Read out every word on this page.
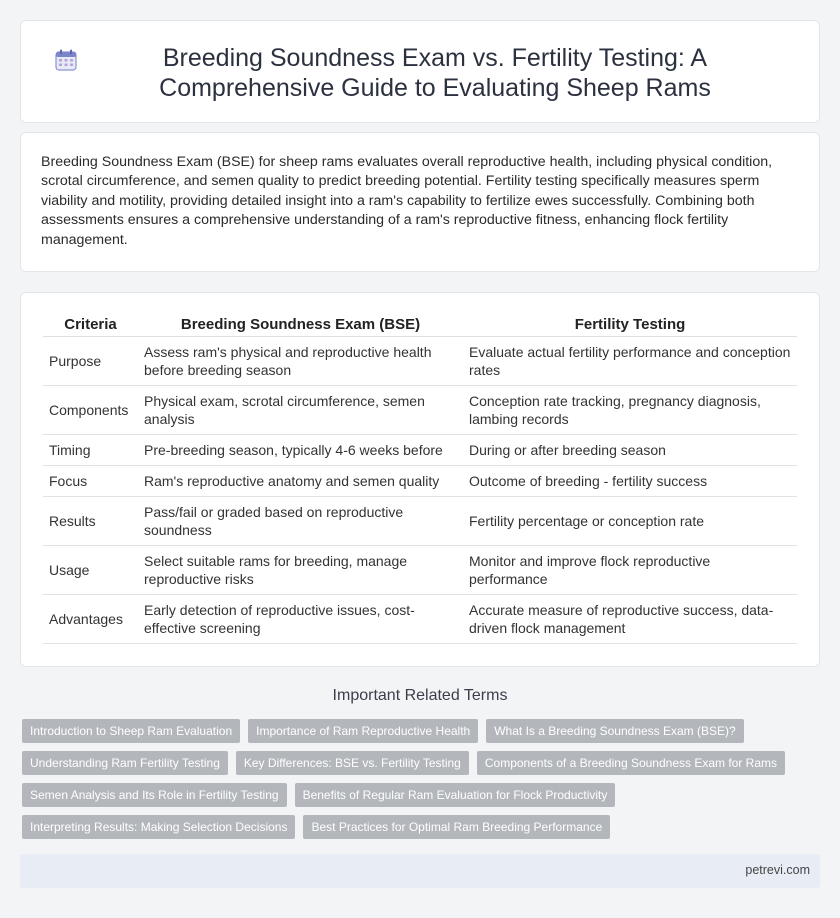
Breeding Soundness Exam vs. Fertility Testing: A Comprehensive Guide to Evaluating Sheep Rams

Breeding Soundness Exam (BSE) for sheep rams evaluates overall reproductive health, including physical condition, scrotal circumference, and semen quality to predict breeding potential. Fertility testing specifically measures sperm viability and motility, providing detailed insight into a ram's capability to fertilize ewes successfully. Combining both assessments ensures a comprehensive understanding of a ram's reproductive fitness, enhancing flock fertility management.

Criteria	Breeding Soundness Exam (BSE)	Fertility Testing
Purpose	Assess ram's physical and reproductive health before breeding season	Evaluate actual fertility performance and conception rates
Components	Physical exam, scrotal circumference, semen analysis	Conception rate tracking, pregnancy diagnosis, lambing records
Timing	Pre-breeding season, typically 4-6 weeks before	During or after breeding season
Focus	Ram's reproductive anatomy and semen quality	Outcome of breeding - fertility success
Results	Pass/fail or graded based on reproductive soundness	Fertility percentage or conception rate
Usage	Select suitable rams for breeding, manage reproductive risks	Monitor and improve flock reproductive performance
Advantages	Early detection of reproductive issues, cost-effective screening	Accurate measure of reproductive success, data-driven flock management
Important Related Terms
Introduction to Sheep Ram Evaluation	Importance of Ram Reproductive Health	What Is a Breeding Soundness Exam (BSE)?
Understanding Ram Fertility Testing	Key Differences: BSE vs. Fertility Testing	Components of a Breeding Soundness Exam for Rams
Semen Analysis and Its Role in Fertility Testing	Benefits of Regular Ram Evaluation for Flock Productivity
Interpreting Results: Making Selection Decisions	Best Practices for Optimal Ram Breeding Performance
petrevi.com
